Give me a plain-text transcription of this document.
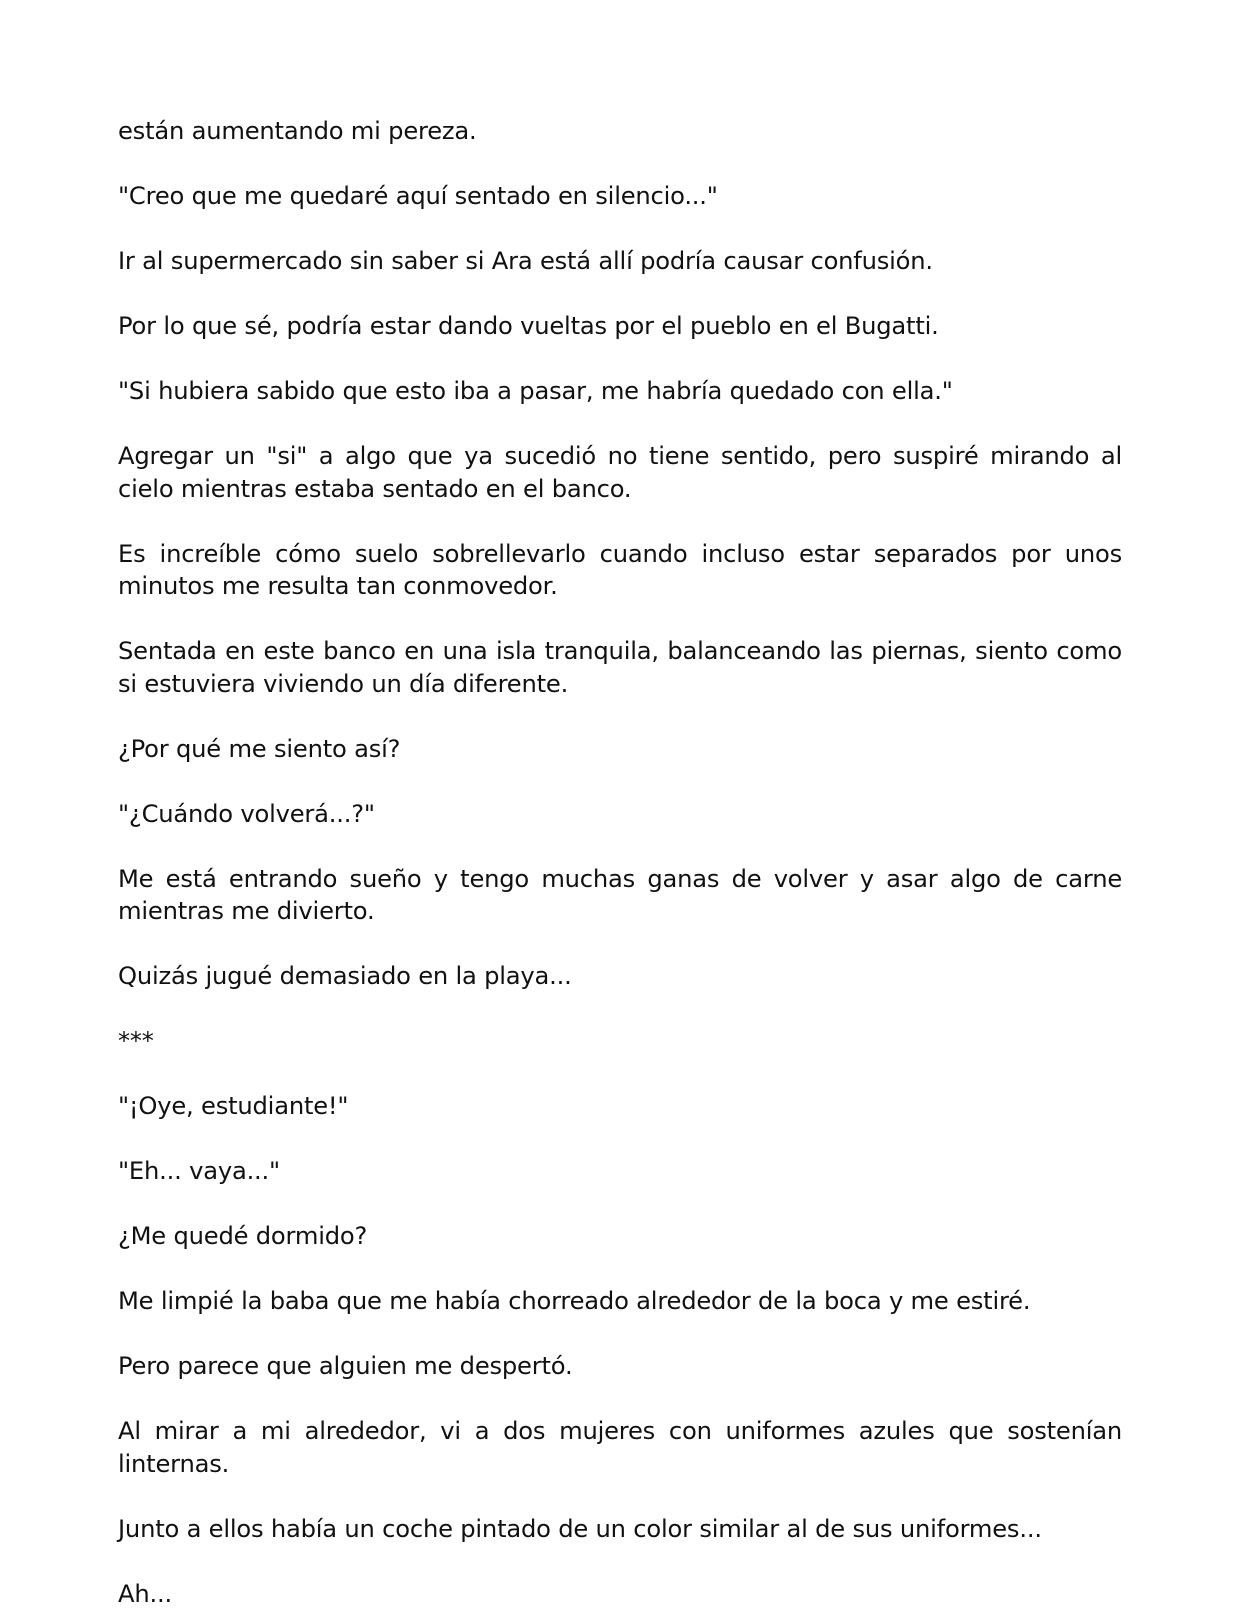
están aumentando mi pereza.

"Creo que me quedaré aquí sentado en silencio..."

Ir al supermercado sin saber si Ara está allí podría causar confusión.

Por lo que sé, podría estar dando vueltas por el pueblo en el Bugatti.

"Si hubiera sabido que esto iba a pasar, me habría quedado con ella."

Agregar un "si" a algo que ya sucedió no tiene sentido, pero suspiré mirando al cielo mientras estaba sentado en el banco.

Es increíble cómo suelo sobrellevarlo cuando incluso estar separados por unos minutos me resulta tan conmovedor.

Sentada en este banco en una isla tranquila, balanceando las piernas, siento como si estuviera viviendo un día diferente.

¿Por qué me siento así?

"¿Cuándo volverá...?"

Me está entrando sueño y tengo muchas ganas de volver y asar algo de carne mientras me divierto.

Quizás jugué demasiado en la playa...

***

"¡Oye, estudiante!"

"Eh... vaya..."

¿Me quedé dormido?

Me limpié la baba que me había chorreado alrededor de la boca y me estiré.

Pero parece que alguien me despertó.

Al mirar a mi alrededor, vi a dos mujeres con uniformes azules que sostenían linternas.

Junto a ellos había un coche pintado de un color similar al de sus uniformes...

Ah...
